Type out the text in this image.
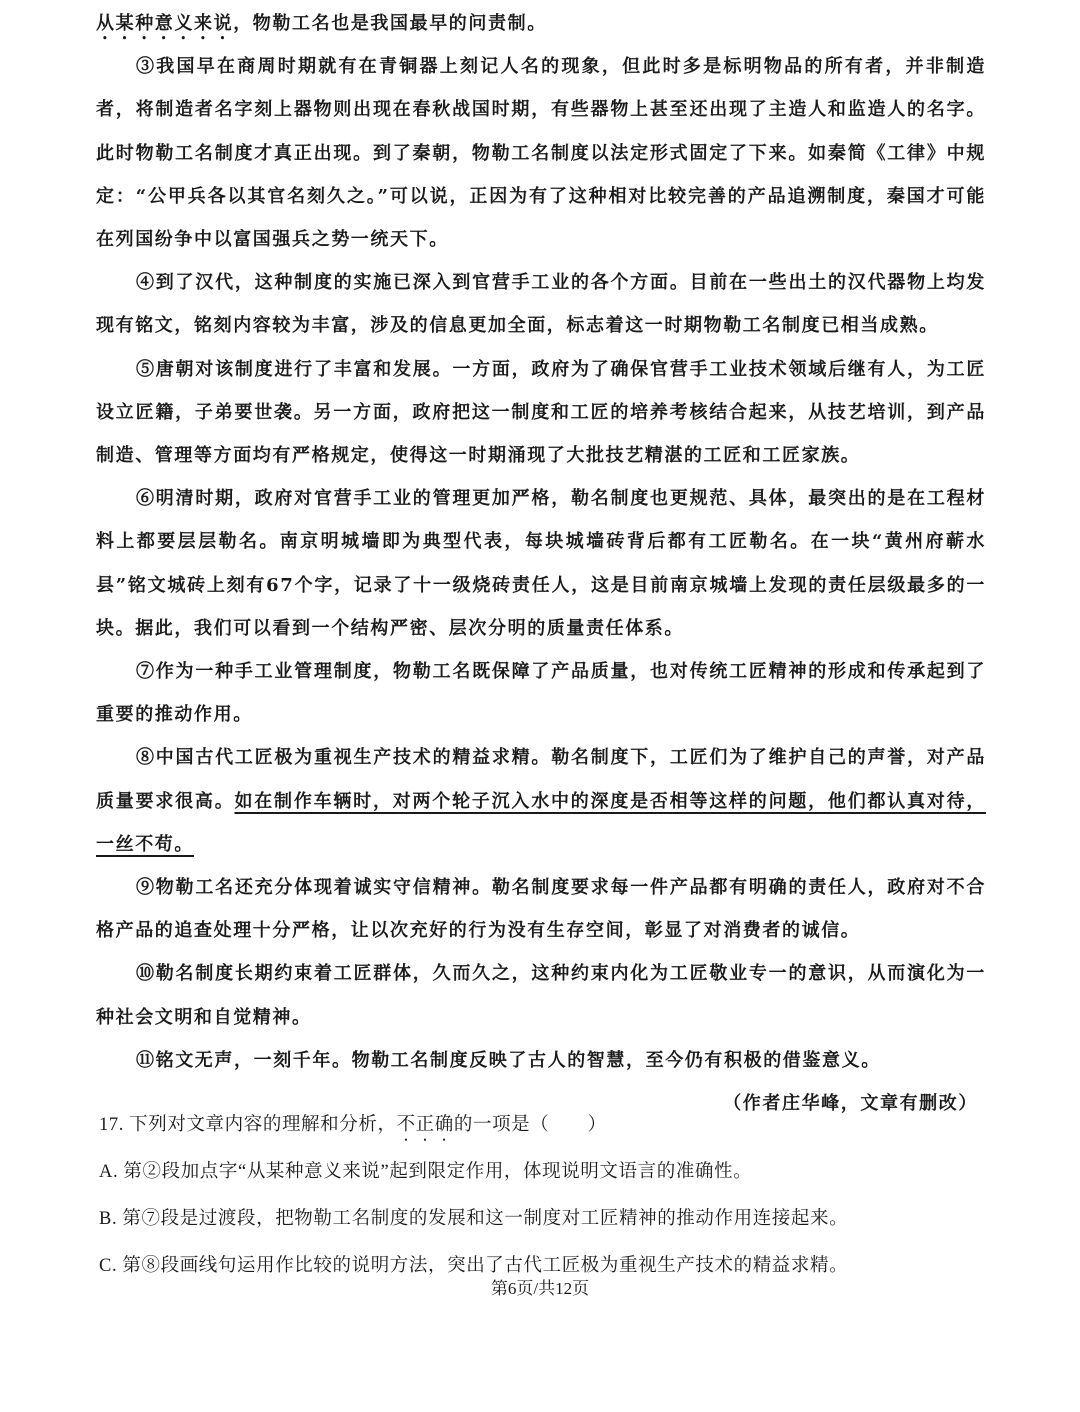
从某种意义来说，物勒工名也是我国最早的问责制。

③我国早在商周时期就有在青铜器上刻记人名的现象，但此时多是标明物品的所有者，并非制造者，将制造者名字刻上器物则出现在春秋战国时期，有些器物上甚至还出现了主造人和监造人的名字。此时物勒工名制度才真正出现。到了秦朝，物勒工名制度以法定形式固定了下来。如秦简《工律》中规定：“公甲兵各以其官名刻久之。”可以说，正因为有了这种相对比较完善的产品追溯制度，秦国才可能在列国纷争中以富国强兵之势一统天下。

④到了汉代，这种制度的实施已深入到官营手工业的各个方面。目前在一些出土的汉代器物上均发现有铭文，铭刻内容较为丰富，涉及的信息更加全面，标志着这一时期物勒工名制度已相当成熟。

⑤唐朝对该制度进行了丰富和发展。一方面，政府为了确保官营手工业技术领域后继有人，为工匠设立匠籍，子弟要世袭。另一方面，政府把这一制度和工匠的培养考核结合起来，从技艺培训，到产品制造、管理等方面均有严格规定，使得这一时期涌现了大批技艺精湛的工匠和工匠家族。

⑥明清时期，政府对官营手工业的管理更加严格，勒名制度也更规范、具体，最突出的是在工程材料上都要层层勒名。南京明城墙即为典型代表，每块城墙砖背后都有工匠勒名。在一块“黄州府蕲水县”铭文城砖上刻有67个字，记录了十一级烧砖责任人，这是目前南京城墙上发现的责任层级最多的一块。据此，我们可以看到一个结构严密、层次分明的质量责任体系。

⑦作为一种手工业管理制度，物勒工名既保障了产品质量，也对传统工匠精神的形成和传承起到了重要的推动作用。

⑧中国古代工匠极为重视生产技术的精益求精。勒名制度下，工匠们为了维护自己的声誉，对产品质量要求很高。如在制作车辆时，对两个轮子沉入水中的深度是否相等这样的问题，他们都认真对待，一丝不苟。

⑨物勒工名还充分体现着诚实守信精神。勒名制度要求每一件产品都有明确的责任人，政府对不合格产品的追查处理十分严格，让以次充好的行为没有生存空间，彰显了对消费者的诚信。

⑩勒名制度长期约束着工匠群体，久而久之，这种约束内化为工匠敬业专一的意识，从而演化为一种社会文明和自觉精神。

⑪铭文无声，一刻千年。物勒工名制度反映了古人的智慧，至今仍有积极的借鉴意义。

（作者庄华峰，文章有删改）

17. 下列对文章内容的理解和分析，不正确的一项是（　　）

A. 第②段加点字“从某种意义来说”起到限定作用，体现说明文语言的准确性。

B. 第⑦段是过渡段，把物勒工名制度的发展和这一制度对工匠精神的推动作用连接起来。

C. 第⑧段画线句运用作比较的说明方法，突出了古代工匠极为重视生产技术的精益求精。

第6页/共12页
